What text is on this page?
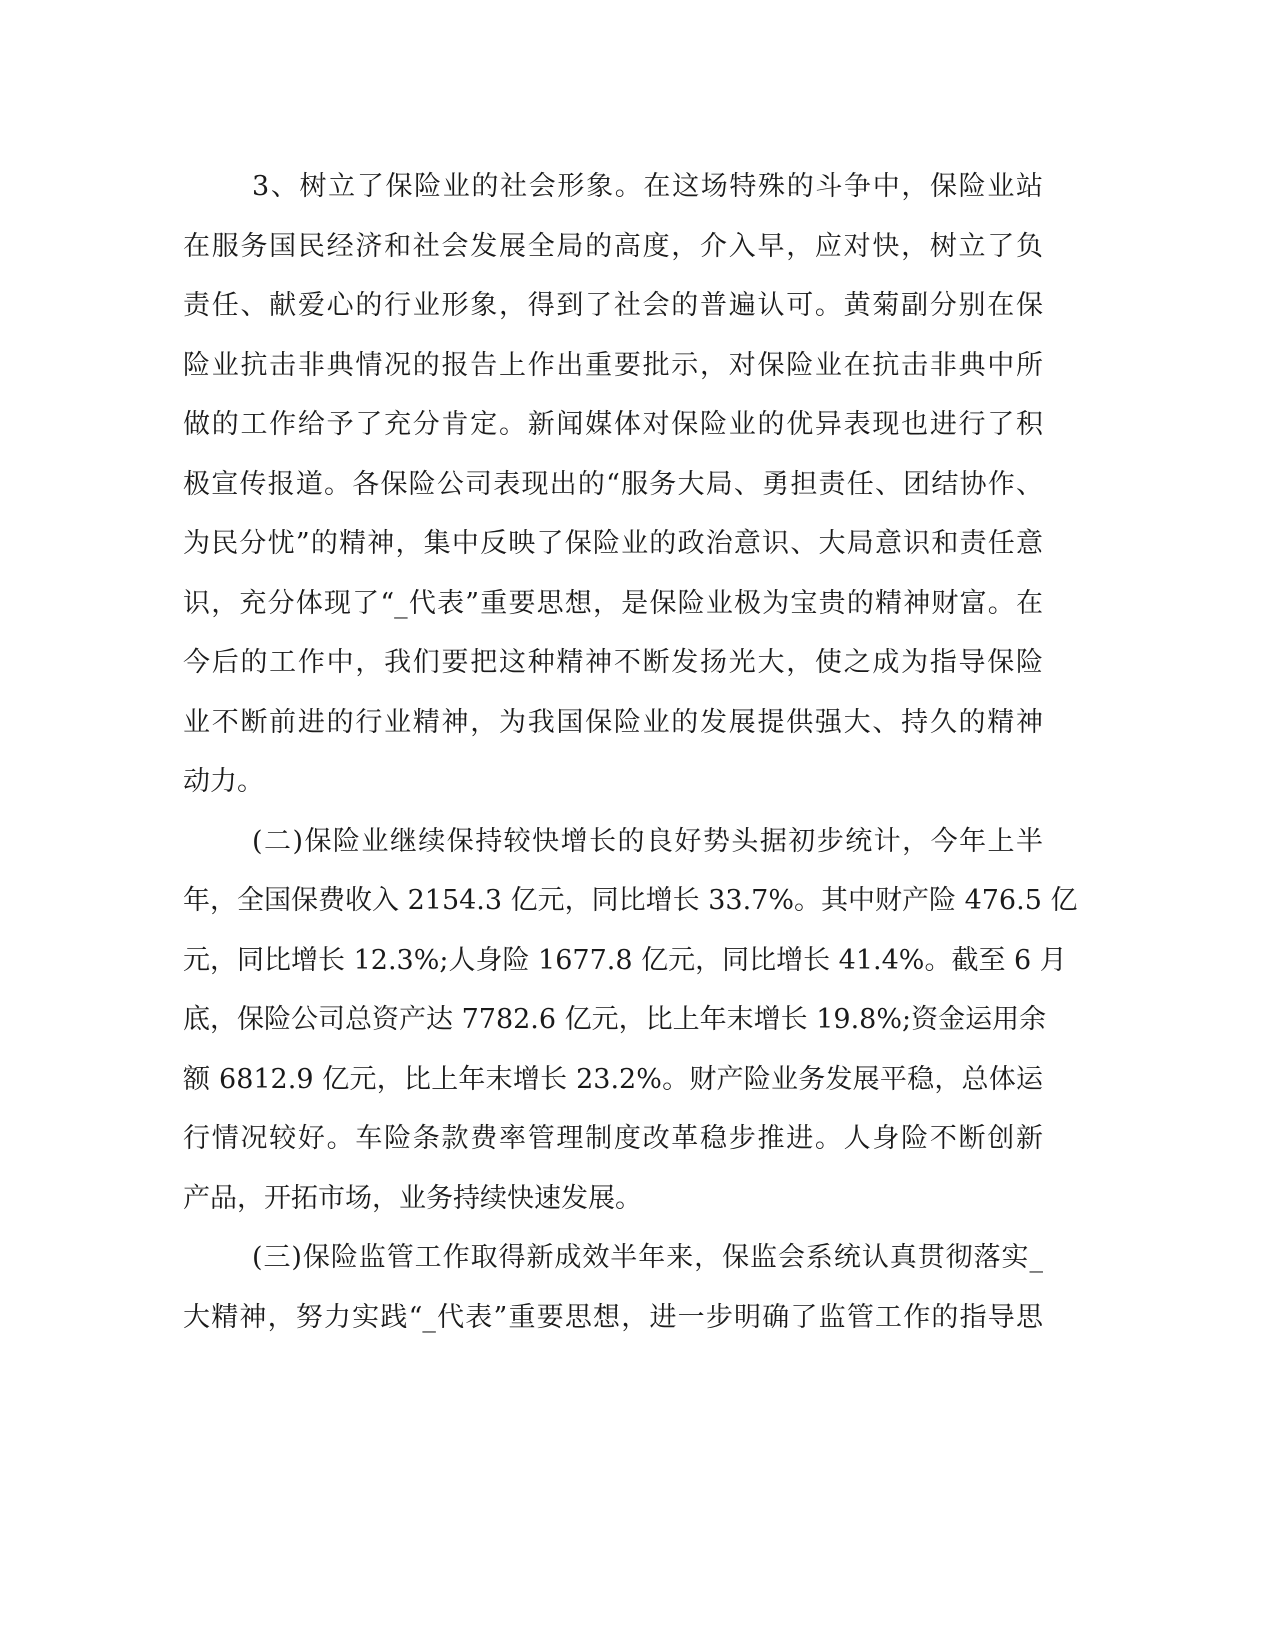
3、树立了保险业的社会形象。在这场特殊的斗争中，保险业站
在服务国民经济和社会发展全局的高度，介入早，应对快，树立了负
责任、献爱心的行业形象，得到了社会的普遍认可。黄菊副分别在保
险业抗击非典情况的报告上作出重要批示，对保险业在抗击非典中所
做的工作给予了充分肯定。新闻媒体对保险业的优异表现也进行了积
极宣传报道。各保险公司表现出的“服务大局、勇担责任、团结协作、
为民分忧”的精神，集中反映了保险业的政治意识、大局意识和责任意
识，充分体现了“_代表”重要思想，是保险业极为宝贵的精神财富。在
今后的工作中，我们要把这种精神不断发扬光大，使之成为指导保险
业不断前进的行业精神，为我国保险业的发展提供强大、持久的精神
动力。
(二)保险业继续保持较快增长的良好势头据初步统计，今年上半
年，全国保费收入 2154.3 亿元，同比增长 33.7%。其中财产险 476.5 亿
元，同比增长 12.3%;人身险 1677.8 亿元，同比增长 41.4%。截至 6 月
底，保险公司总资产达 7782.6 亿元，比上年末增长 19.8%;资金运用余
额 6812.9 亿元，比上年末增长 23.2%。财产险业务发展平稳，总体运
行情况较好。车险条款费率管理制度改革稳步推进。人身险不断创新
产品，开拓市场，业务持续快速发展。
(三)保险监管工作取得新成效半年来，保监会系统认真贯彻落实_
大精神，努力实践“_代表”重要思想，进一步明确了监管工作的指导思
